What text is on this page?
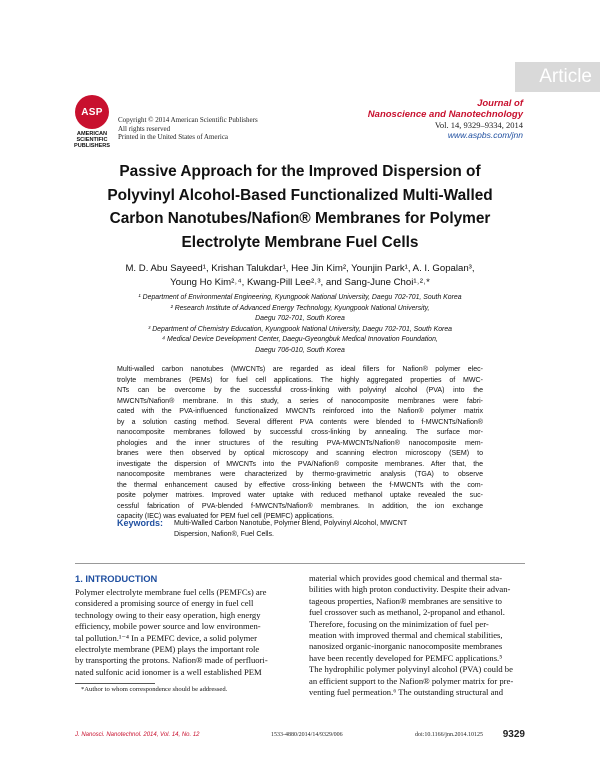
Article
ASP
AMERICAN
SCIENTIFIC
PUBLISHERS
Copyright © 2014 American Scientific Publishers
All rights reserved
Printed in the United States of America
Journal of
Nanoscience and Nanotechnology
Vol. 14, 9329–9334, 2014
www.aspbs.com/jnn
Passive Approach for the Improved Dispersion of
Polyvinyl Alcohol-Based Functionalized Multi-Walled
Carbon Nanotubes/Nafion® Membranes for Polymer
Electrolyte Membrane Fuel Cells
M. D. Abu Sayeed¹, Krishan Talukdar¹, Hee Jin Kim², Younjin Park¹, A. I. Gopalan³,
Young Ho Kim²˒⁴, Kwang-Pill Lee²˒³, and Sang-June Choi¹˒²˒*
¹ Department of Environmental Engineering, Kyungpook National University, Daegu 702-701, South Korea
² Research Institute of Advanced Energy Technology, Kyungpook National University,
Daegu 702-701, South Korea
³ Department of Chemistry Education, Kyungpook National University, Daegu 702-701, South Korea
⁴ Medical Device Development Center, Daegu-Gyeongbuk Medical Innovation Foundation,
Daegu 706-010, South Korea
Multi-walled carbon nanotubes (MWCNTs) are regarded as ideal fillers for Nafion® polymer elec-
trolyte membranes (PEMs) for fuel cell applications. The highly aggregated properties of MWC-
NTs can be overcome by the successful cross-linking with polyvinyl alcohol (PVA) into the
MWCNTs/Nafion® membrane. In this study, a series of nanocomposite membranes were fabri-
cated with the PVA-influenced functionalized MWCNTs reinforced into the Nafion® polymer matrix
by a solution casting method. Several different PVA contents were blended to f-MWCNTs/Nafion®
nanocomposite membranes followed by successful cross-linking by annealing. The surface mor-
phologies and the inner structures of the resulting PVA-MWCNTs/Nafion® nanocomposite mem-
branes were then observed by optical microscopy and scanning electron microscopy (SEM) to
investigate the dispersion of MWCNTs into the PVA/Nafion® composite membranes. After that, the
nanocomposite membranes were characterized by thermo-gravimetric analysis (TGA) to observe
the thermal enhancement caused by effective cross-linking between the f-MWCNTs with the com-
posite polymer matrixes. Improved water uptake with reduced methanol uptake revealed the suc-
cessful fabrication of PVA-blended f-MWCNTs/Nafion® membranes. In addition, the ion exchange
capacity (IEC) was evaluated for PEM fuel cell (PEMFC) applications.
Keywords: Multi-Walled Carbon Nanotube, Polymer Blend, Polyvinyl Alcohol, MWCNT
Dispersion, Nafion®, Fuel Cells.
1. INTRODUCTION
Polymer electrolyte membrane fuel cells (PEMFCs) are
considered a promising source of energy in fuel cell
technology owing to their easy operation, high energy
efficiency, mobile power source and low environmen-
tal pollution.¹⁻⁴ In a PEMFC device, a solid polymer
electrolyte membrane (PEM) plays the important role
by transporting the protons. Nafion® made of perfluori-
nated sulfonic acid ionomer is a well established PEM
material which provides good chemical and thermal sta-
bilities with high proton conductivity. Despite their advan-
tageous properties, Nafion® membranes are sensitive to
fuel crossover such as methanol, 2-propanol and ethanol.
Therefore, focusing on the minimization of fuel per-
meation with improved thermal and chemical stabilities,
nanosized organic-inorganic nanocomposite membranes
have been recently developed for PEMFC applications.⁵
The hydrophilic polymer polyvinyl alcohol (PVA) could be
an efficient support to the Nafion® polymer matrix for pre-
venting fuel permeation.⁶ The outstanding structural and
*Author to whom correspondence should be addressed.
J. Nanosci. Nanotechnol. 2014, Vol. 14, No. 12	1533-4880/2014/14/9329/006	doi:10.1166/jnn.2014.10125 9329
